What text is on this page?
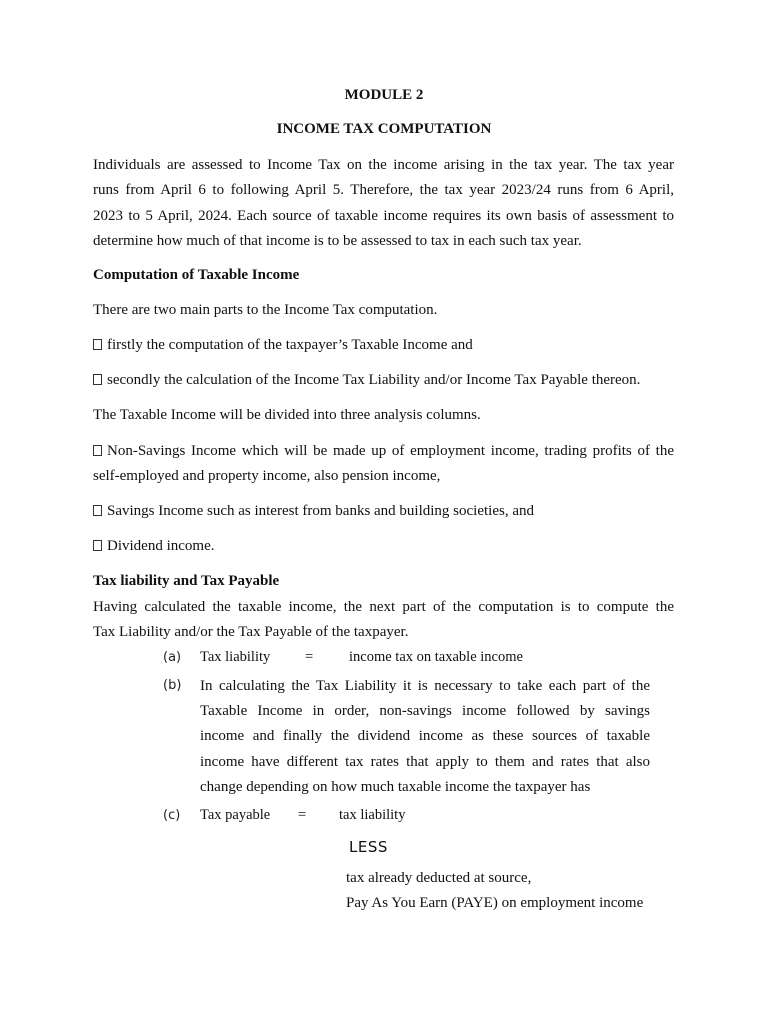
MODULE 2
INCOME TAX COMPUTATION
Individuals are assessed to Income Tax on the income arising in the tax year. The tax year
runs from April 6 to following April 5. Therefore, the tax year 2023/24 runs from 6 April,
2023 to 5 April, 2024. Each source of taxable income requires its own basis of assessment to
determine how much of that income is to be assessed to tax in each such tax year.
Computation of Taxable Income
There are two main parts to the Income Tax computation.
firstly the computation of the taxpayer’s Taxable Income and
secondly the calculation of the Income Tax Liability and/or Income Tax Payable thereon.
The Taxable Income will be divided into three analysis columns.
Non-Savings Income which will be made up of employment income, trading profits of the
self-employed and property income, also pension income,
Savings Income such as interest from banks and building societies, and
Dividend income.
Tax liability and Tax Payable
Having calculated the taxable income, the next part of the computation is to compute the
Tax Liability and/or the Tax Payable of the taxpayer.
(a) Tax liability = income tax on taxable income
(b) In calculating the Tax Liability it is necessary to take each part of the
Taxable Income in order, non-savings income followed by savings
income and finally the dividend income as these sources of taxable
income have different tax rates that apply to them and rates that also
change depending on how much taxable income the taxpayer has
(c) Tax payable = tax liability
LESS
tax already deducted at source,
Pay As You Earn (PAYE) on employment income
